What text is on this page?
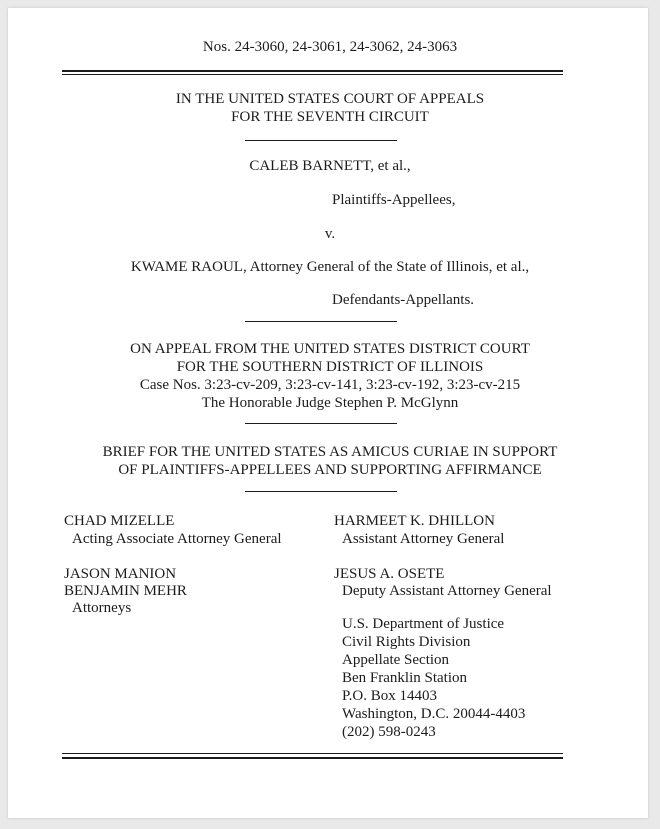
Nos. 24-3060, 24-3061, 24-3062, 24-3063
IN THE UNITED STATES COURT OF APPEALS
FOR THE SEVENTH CIRCUIT
CALEB BARNETT, et al.,
Plaintiffs-Appellees,
v.
KWAME RAOUL, Attorney General of the State of Illinois, et al.,
Defendants-Appellants.
ON APPEAL FROM THE UNITED STATES DISTRICT COURT
FOR THE SOUTHERN DISTRICT OF ILLINOIS
Case Nos. 3:23-cv-209, 3:23-cv-141, 3:23-cv-192, 3:23-cv-215
The Honorable Judge Stephen P. McGlynn
BRIEF FOR THE UNITED STATES AS AMICUS CURIAE IN SUPPORT
OF PLAINTIFFS-APPELLEES AND SUPPORTING AFFIRMANCE
CHAD MIZELLE
Acting Associate Attorney General
JASON MANION
BENJAMIN MEHR
Attorneys
HARMEET K. DHILLON
Assistant Attorney General
JESUS A. OSETE
Deputy Assistant Attorney General
U.S. Department of Justice
Civil Rights Division
Appellate Section
Ben Franklin Station
P.O. Box 14403
Washington, D.C. 20044-4403
(202) 598-0243
